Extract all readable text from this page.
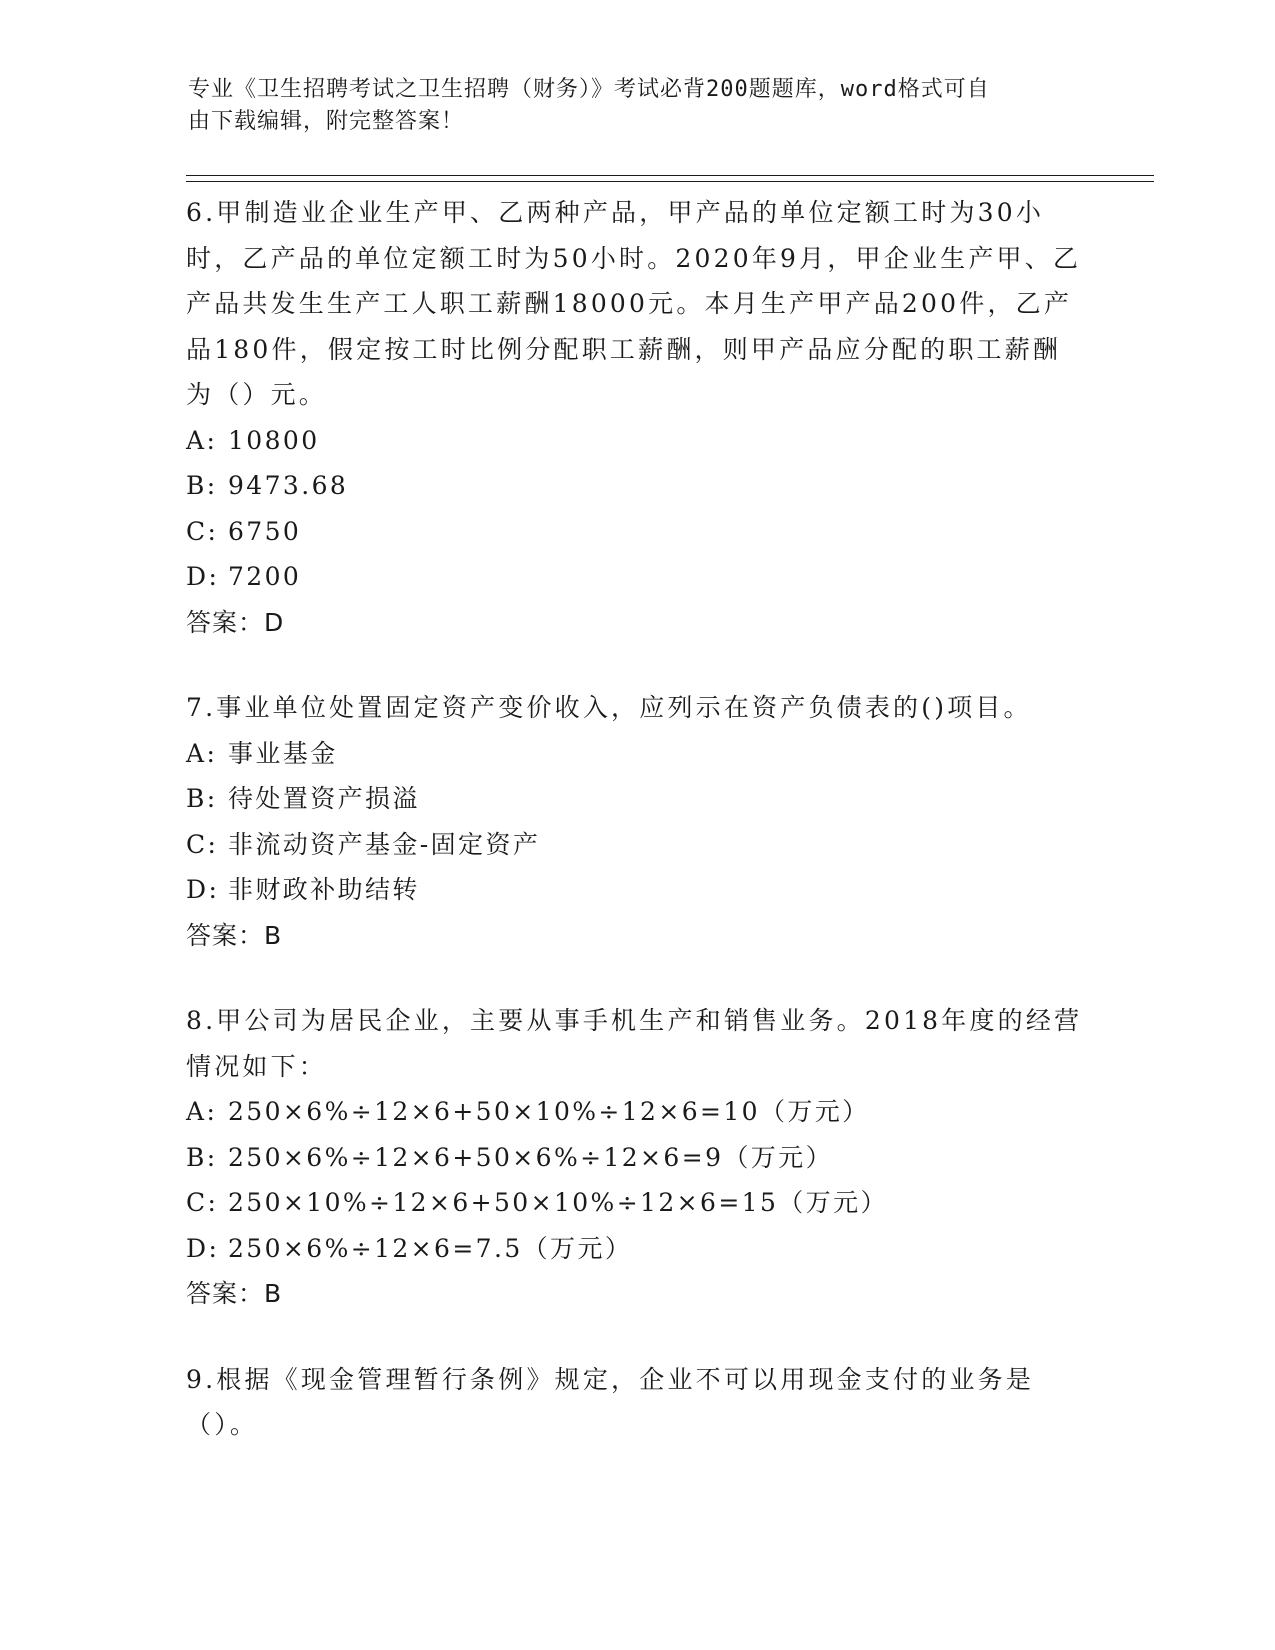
专业《卫生招聘考试之卫生招聘（财务）》考试必背200题题库，word格式可自
由下载编辑，附完整答案！

6.甲制造业企业生产甲、乙两种产品，甲产品的单位定额工时为30小时，乙产品的单位定额工时为50小时。2020年9月，甲企业生产甲、乙产品共发生生产工人职工薪酬18000元。本月生产甲产品200件，乙产品180件，假定按工时比例分配职工薪酬，则甲产品应分配的职工薪酬为（）元。

A: 10800

B: 9473.68

C: 6750

D: 7200

答案：D

7.事业单位处置固定资产变价收入，应列示在资产负债表的()项目。

A: 事业基金

B: 待处置资产损溢

C: 非流动资产基金-固定资产

D: 非财政补助结转

答案：B

8.甲公司为居民企业，主要从事手机生产和销售业务。2018年度的经营情况如下：

A: 250×6%÷12×6+50×10%÷12×6=10（万元）

B: 250×6%÷12×6+50×6%÷12×6=9（万元）

C: 250×10%÷12×6+50×10%÷12×6=15（万元）

D: 250×6%÷12×6=7.5（万元）

答案：B

9.根据《现金管理暂行条例》规定，企业不可以用现金支付的业务是（）。
